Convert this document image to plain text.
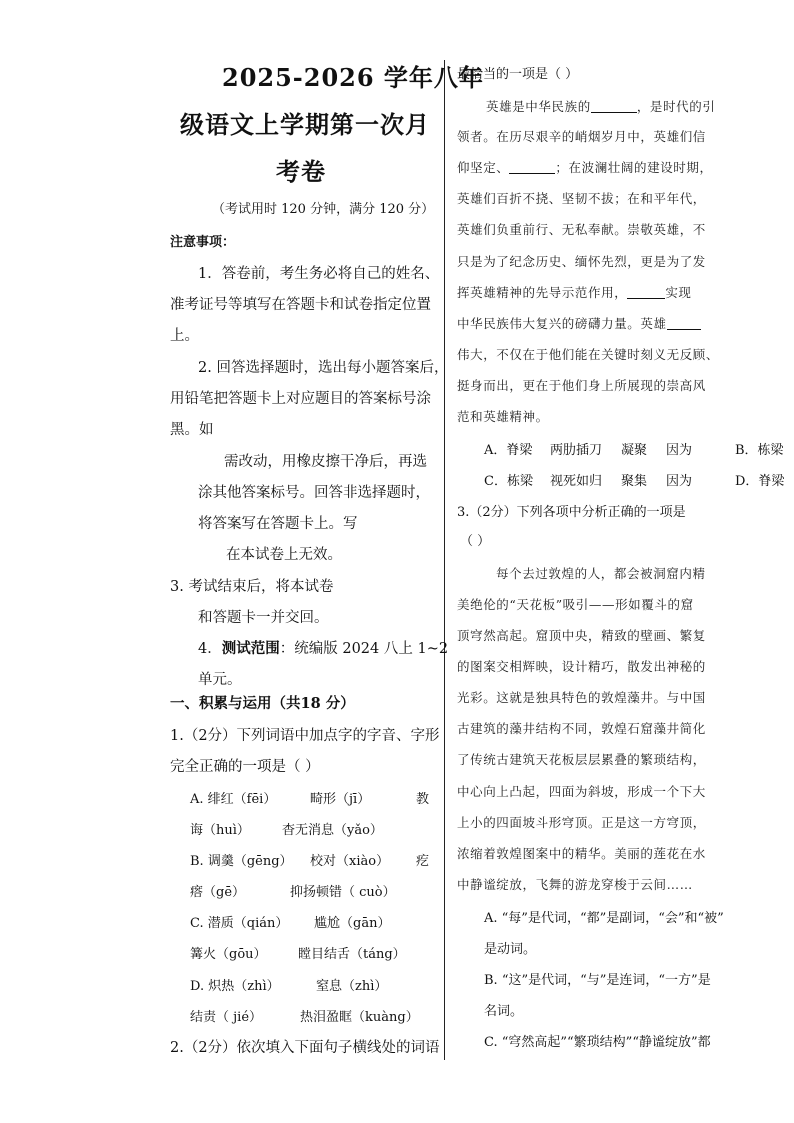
2025-2026 学年八年
级语文上学期第一次月
考卷
（考试用时 120 分钟，满分 120 分）
注意事项：
1．答卷前，考生务必将自己的姓名、
准考证号等填写在答题卡和试卷指定位置
上。
2. 回答选择题时，选出每小题答案后，
用铅笔把答题卡上对应题目的答案标号涂
黑。如
需改动，用橡皮擦干净后，再选
涂其他答案标号。回答非选择题时，
将答案写在答题卡上。写
在本试卷上无效。
3. 考试结束后，将本试卷
和答题卡一并交回。
4．测试范围：统编版 2024 八上 1~2
单元。
一、积累与运用（共18 分）
1.（2分）下列词语中加点字的字音、字形
完全正确的一项是（ ）
A. 绯红（fēi）	畸形（jī）	教
诲（huì） 杳无消息（yǎo）
B. 调羹（gēng） 校对（xiào） 疙
瘩（gē）	抑扬顿错（ cuò）
C. 潜质（qián） 尴尬（gān）
篝火（gōu） 瞠目结舌（táng）
D. 炽热（zhì）	窒息（zhì）
结责（ jié）	热泪盈眶（kuàng）
2.（2分）依次填入下面句子横线处的词语
最恰当的一项是（ ）
英雄是中华民族的	，是时代的引
领者。在历尽艰辛的峭烟岁月中，英雄们信
仰坚定、	；在波澜壮阔的建设时期，
英雄们百折不挠、坚韧不拔；在和平年代，
英雄们负重前行、无私奉献。崇敬英雄，不
只是为了纪念历史、缅怀先烈，更是为了发
挥英雄精神的先导示范作用，	实现
中华民族伟大复兴的磅礴力量。英雄
伟大，不仅在于他们能在关键时刻义无反顾、
挺身而出，更在于他们身上所展现的崇高风
范和英雄精神。
A．脊梁 两肋插刀 凝聚 因为	B．栋梁
C．栋梁 视死如归 聚集 因为	D．脊梁
3.（2分）下列各项中分析正确的一项是
（ ）
每个去过敦煌的人，都会被洞窟内精
美绝伦的“天花板”吸引——形如覆斗的窟
顶穹然高起。窟顶中央，精致的壁画、繁复
的图案交相辉映，设计精巧，散发出神秘的
光彩。这就是独具特色的敦煌藻井。与中国
古建筑的藻井结构不同，敦煌石窟藻井简化
了传统古建筑天花板层层累叠的繁琐结构，
中心向上凸起，四面为斜坡，形成一个下大
上小的四面坡斗形穹顶。正是这一方穹顶，
浓缩着敦煌图案中的精华。美丽的莲花在水
中静谧绽放，飞舞的游龙穿梭于云间……
A. “每”是代词，“都”是副词，“会”和“被”
是动词。
B. “这”是代词，“与”是连词，“一方”是
名词。
C. “穹然高起”“繁琐结构”“静谧绽放”都
